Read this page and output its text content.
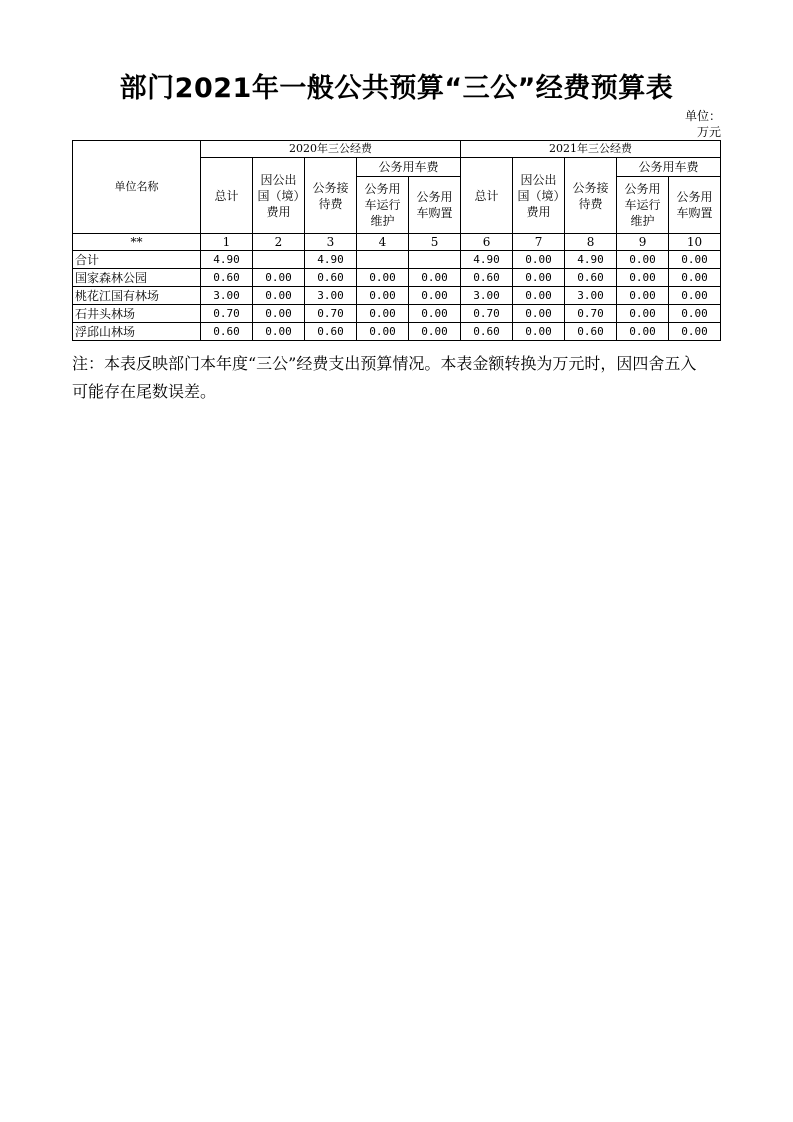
部门2021年一般公共预算“三公”经费预算表
单位：万元
单位名称	2020年三公经费					2021年三公经费				
	总计	因公出国（境）费用	公务接待费	公务用车费		总计	因公出国（境）费用	公务接待费	公务用车费	
				公务用车运行维护	公务用车购置				公务用车运行维护	公务用车购置
**	1	2	3	4	5	6	7	8	9	10
合计	4.90		4.90			4.90	0.00	4.90	0.00	0.00
国家森林公园	0.60	0.00	0.60	0.00	0.00	0.60	0.00	0.60	0.00	0.00
桃花江国有林场	3.00	0.00	3.00	0.00	0.00	3.00	0.00	3.00	0.00	0.00
石井头林场	0.70	0.00	0.70	0.00	0.00	0.70	0.00	0.70	0.00	0.00
浮邱山林场	0.60	0.00	0.60	0.00	0.00	0.60	0.00	0.60	0.00	0.00
注：本表反映部门本年度“三公”经费支出预算情况。本表金额转换为万元时，因四舍五入可能存在尾数误差。
